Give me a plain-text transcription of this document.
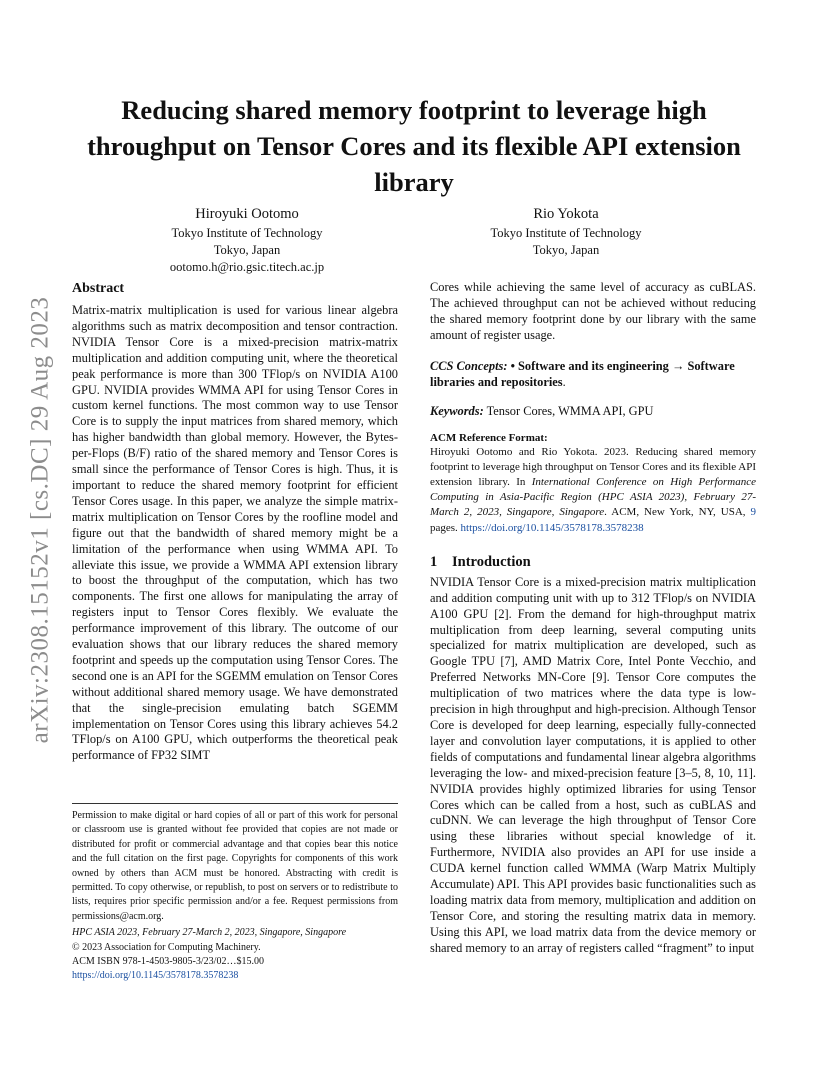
arXiv:2308.15152v1 [cs.DC] 29 Aug 2023
Reducing shared memory footprint to leverage high throughput on Tensor Cores and its flexible API extension library
Hiroyuki Ootomo
Tokyo Institute of Technology
Tokyo, Japan
ootomo.h@rio.gsic.titech.ac.jp
Rio Yokota
Tokyo Institute of Technology
Tokyo, Japan
Abstract

Matrix-matrix multiplication is used for various linear algebra algorithms such as matrix decomposition and tensor contraction. NVIDIA Tensor Core is a mixed-precision matrix-matrix multiplication and addition computing unit, where the theoretical peak performance is more than 300 TFlop/s on NVIDIA A100 GPU. NVIDIA provides WMMA API for using Tensor Cores in custom kernel functions. The most common way to use Tensor Core is to supply the input matrices from shared memory, which has higher bandwidth than global memory. However, the Bytes-per-Flops (B/F) ratio of the shared memory and Tensor Cores is small since the performance of Tensor Cores is high. Thus, it is important to reduce the shared memory footprint for efficient Tensor Cores usage. In this paper, we analyze the simple matrix-matrix multiplication on Tensor Cores by the roofline model and figure out that the bandwidth of shared memory might be a limitation of the performance when using WMMA API. To alleviate this issue, we provide a WMMA API extension library to boost the throughput of the computation, which has two components. The first one allows for manipulating the array of registers input to Tensor Cores flexibly. We evaluate the performance improvement of this library. The outcome of our evaluation shows that our library reduces the shared memory footprint and speeds up the computation using Tensor Cores. The second one is an API for the SGEMM emulation on Tensor Cores without additional shared memory usage. We have demonstrated that the single-precision emulating batch SGEMM implementation on Tensor Cores using this library achieves 54.2 TFlop/s on A100 GPU, which outperforms the theoretical peak performance of FP32 SIMT

Cores while achieving the same level of accuracy as cuBLAS. The achieved throughput can not be achieved without reducing the shared memory footprint done by our library with the same amount of register usage.

CCS Concepts: • Software and its engineering → Software libraries and repositories.

Keywords: Tensor Cores, WMMA API, GPU

ACM Reference Format:

Hiroyuki Ootomo and Rio Yokota. 2023. Reducing shared memory footprint to leverage high throughput on Tensor Cores and its flexible API extension library. In International Conference on High Performance Computing in Asia-Pacific Region (HPC ASIA 2023), February 27-March 2, 2023, Singapore, Singapore. ACM, New York, NY, USA, 9 pages. https://doi.org/10.1145/3578178.3578238

1 Introduction

NVIDIA Tensor Core is a mixed-precision matrix multiplication and addition computing unit with up to 312 TFlop/s on NVIDIA A100 GPU [2]. From the demand for high-throughput matrix multiplication from deep learning, several computing units specialized for matrix multiplication are developed, such as Google TPU [7], AMD Matrix Core, Intel Ponte Vecchio, and Preferred Networks MN-Core [9]. Tensor Core computes the multiplication of two matrices where the data type is low-precision in high throughput and high-precision. Although Tensor Core is developed for deep learning, especially fully-connected layer and convolution layer computations, it is applied to other fields of computations and fundamental linear algebra algorithms leveraging the low- and mixed-precision feature [3–5, 8, 10, 11]. NVIDIA provides highly optimized libraries for using Tensor Cores which can be called from a host, such as cuBLAS and cuDNN. We can leverage the high throughput of Tensor Core using these libraries without special knowledge of it. Furthermore, NVIDIA also provides an API for use inside a CUDA kernel function called WMMA (Warp Matrix Multiply Accumulate) API. This API provides basic functionalities such as loading matrix data from memory, multiplication and addition on Tensor Core, and storing the resulting matrix data in memory. Using this API, we load matrix data from the device memory or shared memory to an array of registers called “fragment” to input

Permission to make digital or hard copies of all or part of this work for personal or classroom use is granted without fee provided that copies are not made or distributed for profit or commercial advantage and that copies bear this notice and the full citation on the first page. Copyrights for components of this work owned by others than ACM must be honored. Abstracting with credit is permitted. To copy otherwise, or republish, to post on servers or to redistribute to lists, requires prior specific permission and/or a fee. Request permissions from permissions@acm.org.

HPC ASIA 2023, February 27-March 2, 2023, Singapore, Singapore

© 2023 Association for Computing Machinery.

ACM ISBN 978-1-4503-9805-3/23/02…$15.00

https://doi.org/10.1145/3578178.3578238
